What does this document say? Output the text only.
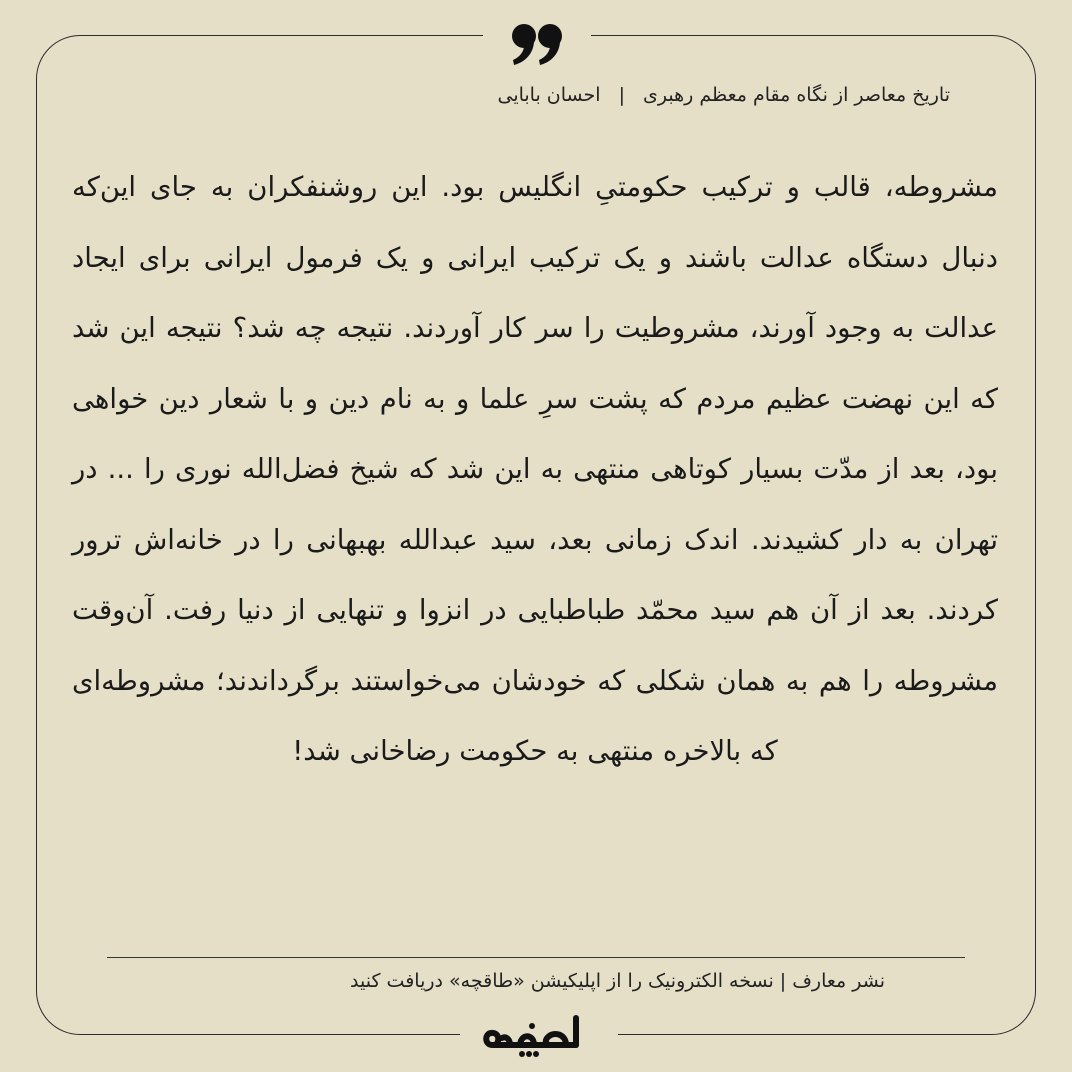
تاریخ معاصر از نگاه مقام معظم رهبری | احسان بابایی
مشروطه، قالب و ترکیب حکومتیِ انگلیس بود. این روشنفکران به جای این‌که دنبال دستگاه عدالت باشند و یک ترکیب ایرانی و یک فرمول ایرانی برای ایجاد عدالت به وجود آورند، مشروطیت را سر کار آوردند. نتیجه چه شد؟ نتیجه این شد که این نهضت عظیم مردم که پشت سرِ علما و به نام دین و با شعار دین خواهی بود، بعد از مدّت بسیار کوتاهی منتهی به این شد که شیخ فضل‌الله نوری را ... در تهران به دار کشیدند. اندک زمانی بعد، سید عبدالله بهبهانی را در خانه‌اش ترور کردند. بعد از آن هم سید محمّد طباطبایی در انزوا و تنهایی از دنیا رفت. آن‌وقت مشروطه را هم به همان شکلی که خودشان می‌خواستند برگرداندند؛ مشروطه‌ای که بالاخره منتهی به حکومت رضاخانی شد!
نشر معارف | نسخه الکترونیک را از اپلیکیشن «طاقچه» دریافت کنید
